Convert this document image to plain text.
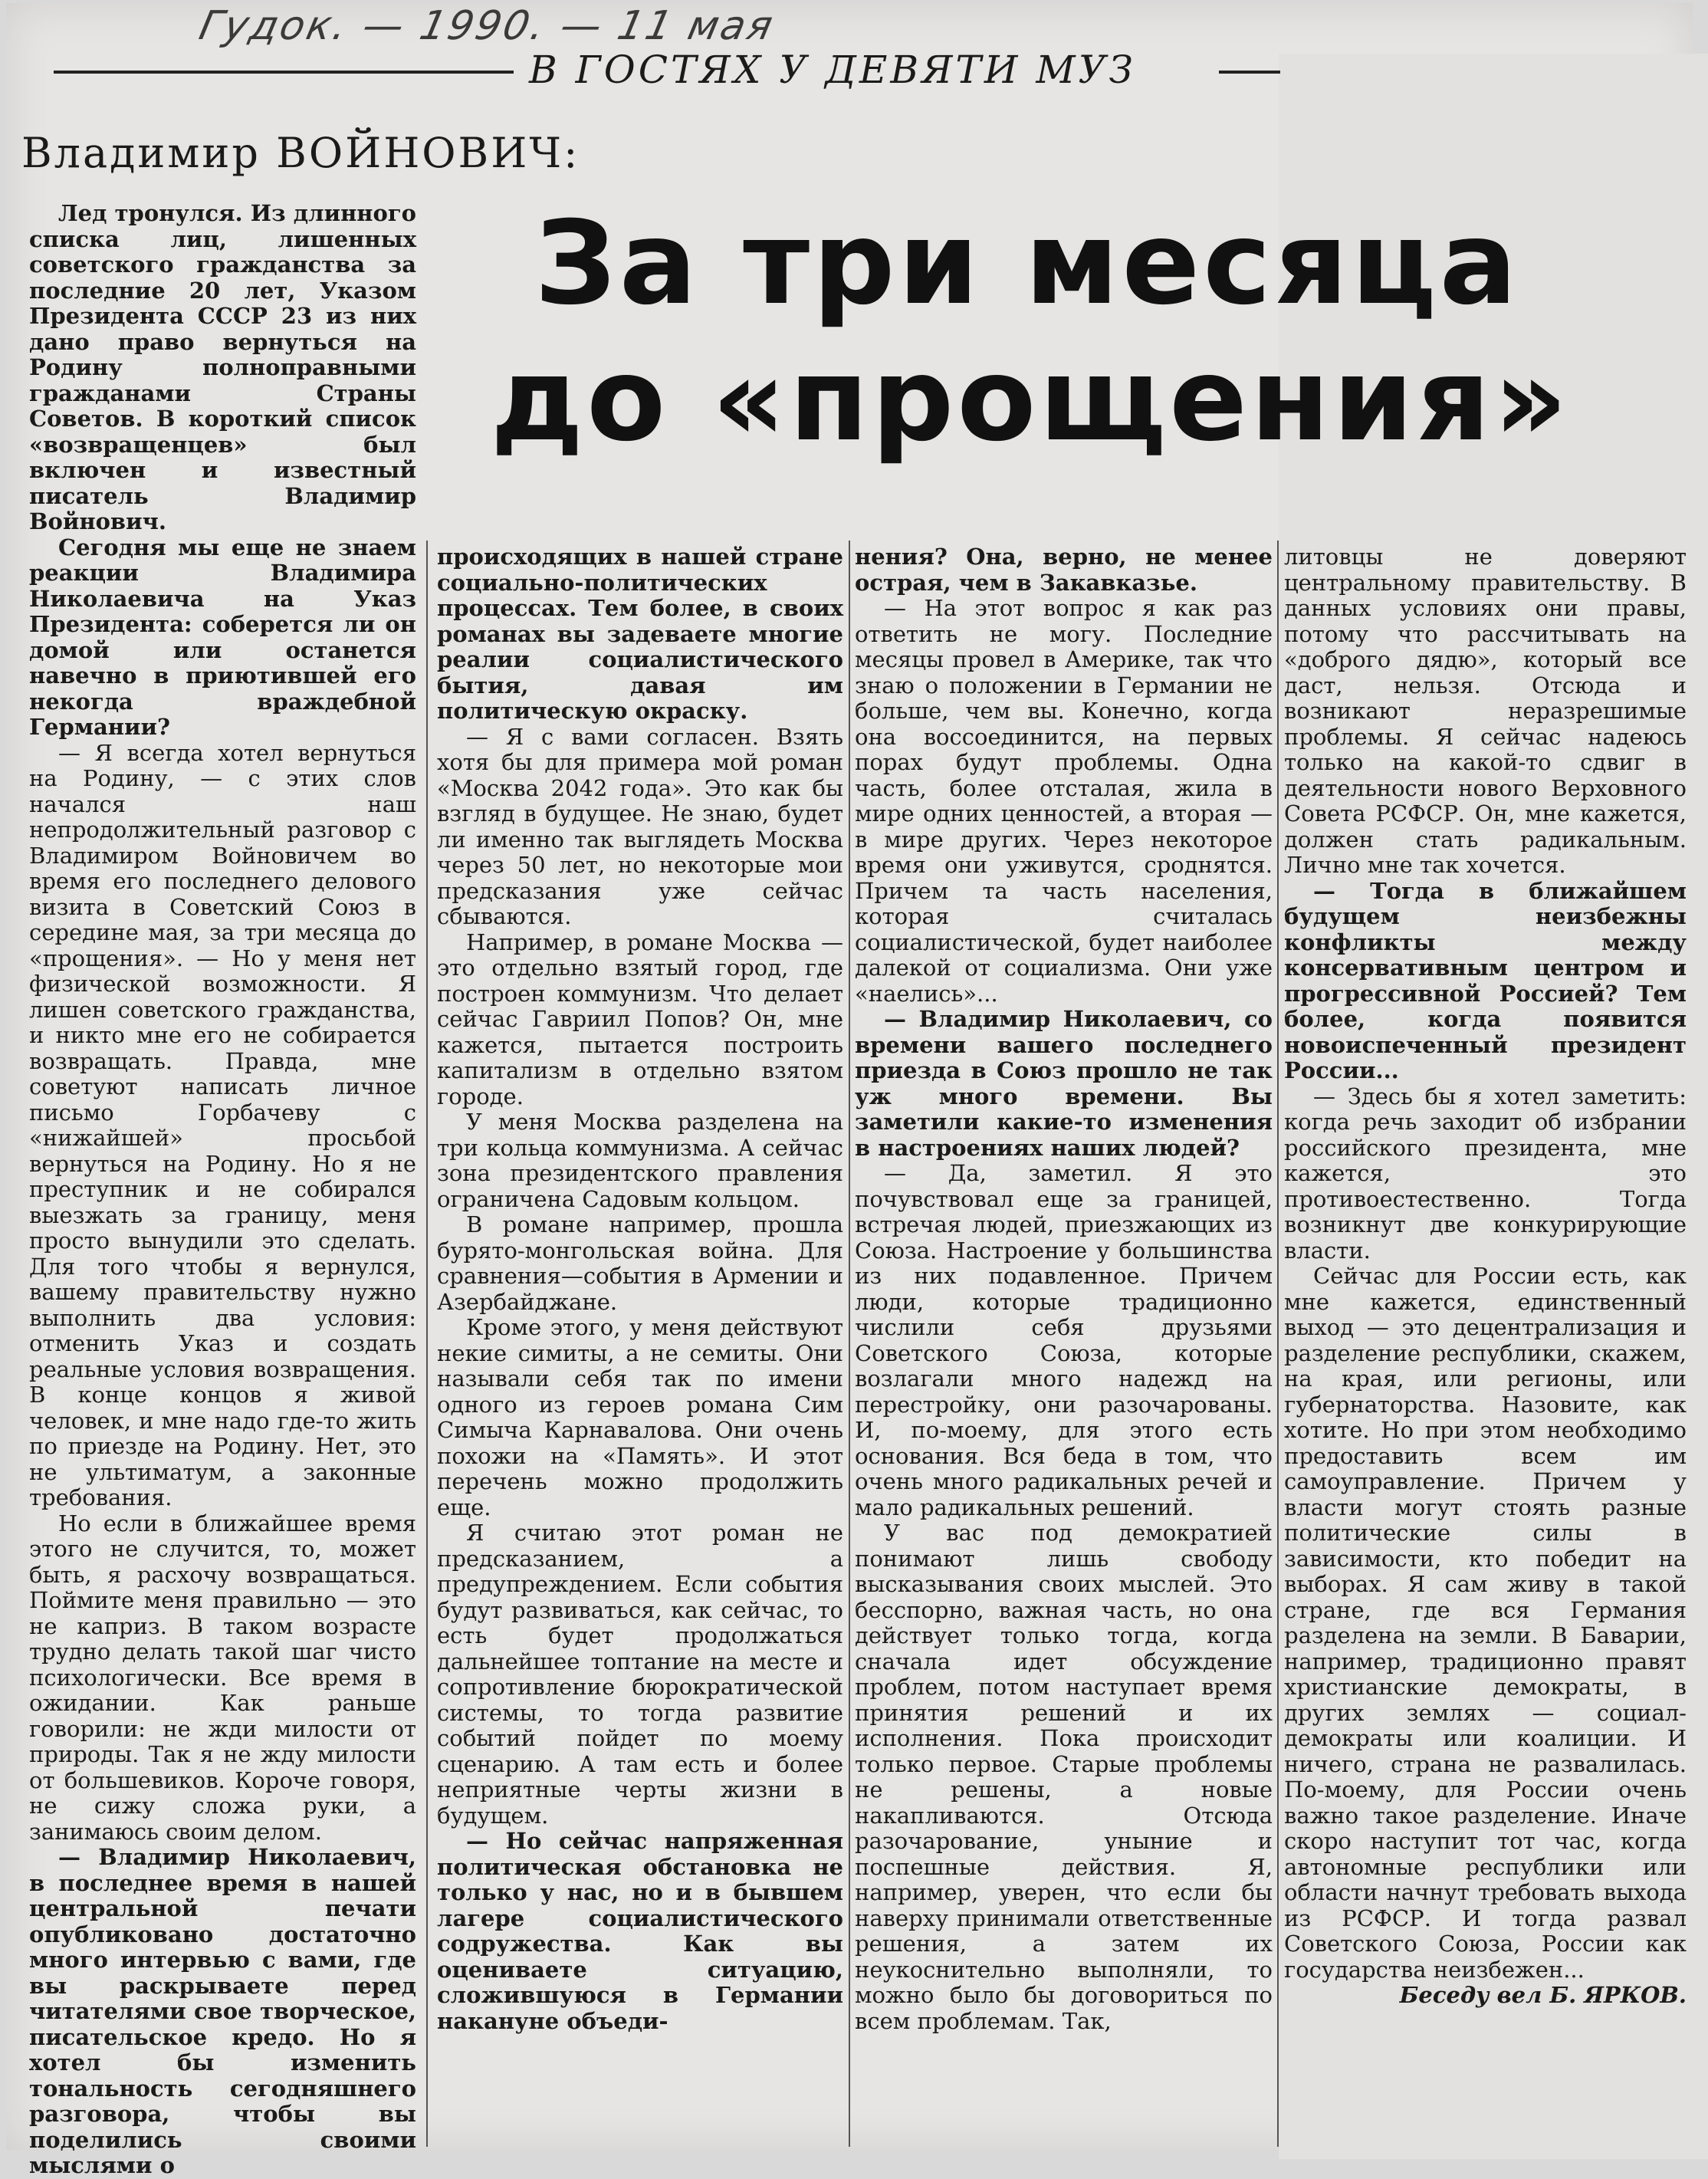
Гудок. — 1990. — 11 мая
В ГОСТЯХ У ДЕВЯТИ МУЗ
Владимир ВОЙНОВИЧ:
За три месяца
до «прощения»

Лед тронулся. Из длинного списка лиц, лишенных советского гражданства за последние 20 лет, Указом Президента СССР 23 из них дано право вернуться на Родину полноправными гражданами Страны Советов. В короткий список «возвращенцев» был включен и известный писатель Владимир Войнович.

Сегодня мы еще не знаем реакции Владимира Николаевича на Указ Президента: соберется ли он домой или останется навечно в приютившей его некогда враждебной Германии?

— Я всегда хотел вернуться на Родину, — с этих слов начался наш непродолжительный разговор с Владимиром Войновичем во время его последнего делового визита в Советский Союз в середине мая, за три месяца до «прощения». — Но у меня нет физической возможности. Я лишен советского гражданства, и никто мне его не собирается возвращать. Правда, мне советуют написать личное письмо Горбачеву с «нижайшей» просьбой вернуться на Родину. Но я не преступник и не собирался выезжать за границу, меня просто вынудили это сделать. Для того чтобы я вернулся, вашему правительству нужно выполнить два условия: отменить Указ и создать реальные условия возвращения. В конце концов я живой человек, и мне надо где-то жить по приезде на Родину. Нет, это не ультиматум, а законные требования.

Но если в ближайшее время этого не случится, то, может быть, я расхочу возвращаться. Поймите меня правильно — это не каприз. В таком возрасте трудно делать такой шаг чисто психологически. Все время в ожидании. Как раньше говорили: не жди милости от природы. Так я не жду милости от большевиков. Короче говоря, не сижу сложа руки, а занимаюсь своим делом.

— Владимир Николаевич, в последнее время в нашей центральной печати опубликовано достаточно много интервью с вами, где вы раскрываете перед читателями свое творческое, писательское кредо. Но я хотел бы изменить тональность сегодняшнего разговора, чтобы вы поделились своими мыслями о

происходящих в нашей стране социально-политических процессах. Тем более, в своих романах вы задеваете многие реалии социалистического бытия, давая им политическую окраску.

— Я с вами согласен. Взять хотя бы для примера мой роман «Москва 2042 года». Это как бы взгляд в будущее. Не знаю, будет ли именно так выглядеть Москва через 50 лет, но некоторые мои предсказания уже сейчас сбываются.

Например, в романе Москва — это отдельно взятый город, где построен коммунизм. Что делает сейчас Гавриил Попов? Он, мне кажется, пытается построить капитализм в отдельно взятом городе.

У меня Москва разделена на три кольца коммунизма. А сейчас зона президентского правления ограничена Садовым кольцом.

В романе например, прошла бурято-монгольская война. Для сравнения—события в Армении и Азербайджане.

Кроме этого, у меня действуют некие симиты, а не семиты. Они называли себя так по имени одного из героев романа Сим Симыча Карнавалова. Они очень похожи на «Память». И этот перечень можно продолжить еще.

Я считаю этот роман не предсказанием, а предупреждением. Если события будут развиваться, как сейчас, то есть будет продолжаться дальнейшее топтание на месте и сопротивление бюрократической системы, то тогда развитие событий пойдет по моему сценарию. А там есть и более неприятные черты жизни в будущем.

— Но сейчас напряженная политическая обстановка не только у нас, но и в бывшем лагере социалистического содружества. Как вы оцениваете ситуацию, сложившуюся в Германии накануне объеди-

нения? Она, верно, не менее острая, чем в Закавказье.

— На этот вопрос я как раз ответить не могу. Последние месяцы провел в Америке, так что знаю о положении в Германии не больше, чем вы. Конечно, когда она воссоединится, на первых порах будут проблемы. Одна часть, более отсталая, жила в мире одних ценностей, а вторая — в мире других. Через некоторое время они уживутся, сроднятся. Причем та часть населения, которая считалась социалистической, будет наиболее далекой от социализма. Они уже «наелись»...

— Владимир Николаевич, со времени вашего последнего приезда в Союз прошло не так уж много времени. Вы заметили какие-то изменения в настроениях наших людей?

— Да, заметил. Я это почувствовал еще за границей, встречая людей, приезжающих из Союза. Настроение у большинства из них подавленное. Причем люди, которые традиционно числили себя друзьями Советского Союза, которые возлагали много надежд на перестройку, они разочарованы. И, по-моему, для этого есть основания. Вся беда в том, что очень много радикальных речей и мало радикальных решений.

У вас под демократией понимают лишь свободу высказывания своих мыслей. Это бесспорно, важная часть, но она действует только тогда, когда сначала идет обсуждение проблем, потом наступает время принятия решений и их исполнения. Пока происходит только первое. Старые проблемы не решены, а новые накапливаются. Отсюда разочарование, уныние и поспешные действия. Я, например, уверен, что если бы наверху принимали ответственные решения, а затем их неукоснительно выполняли, то можно было бы договориться по всем проблемам. Так,

литовцы не доверяют центральному правительству. В данных условиях они правы, потому что рассчитывать на «доброго дядю», который все даст, нельзя. Отсюда и возникают неразрешимые проблемы. Я сейчас надеюсь только на какой-то сдвиг в деятельности нового Верховного Совета РСФСР. Он, мне кажется, должен стать радикальным. Лично мне так хочется.

— Тогда в ближайшем будущем неизбежны конфликты между консервативным центром и прогрессивной Россией? Тем более, когда появится новоиспеченный президент России...

— Здесь бы я хотел заметить: когда речь заходит об избрании российского президента, мне кажется, это противоестественно. Тогда возникнут две конкурирующие власти.

Сейчас для России есть, как мне кажется, единственный выход — это децентрализация и разделение республики, скажем, на края, или регионы, или губернаторства. Назовите, как хотите. Но при этом необходимо предоставить всем им самоуправление. Причем у власти могут стоять разные политические силы в зависимости, кто победит на выборах. Я сам живу в такой стране, где вся Германия разделена на земли. В Баварии, например, традиционно правят христианские демократы, в других землях — социал-демократы или коалиции. И ничего, страна не развалилась. По-моему, для России очень важно такое разделение. Иначе скоро наступит тот час, когда автономные республики или области начнут требовать выхода из РСФСР. И тогда развал Советского Союза, России как государства неизбежен...

Беседу вел Б. ЯРКОВ.
